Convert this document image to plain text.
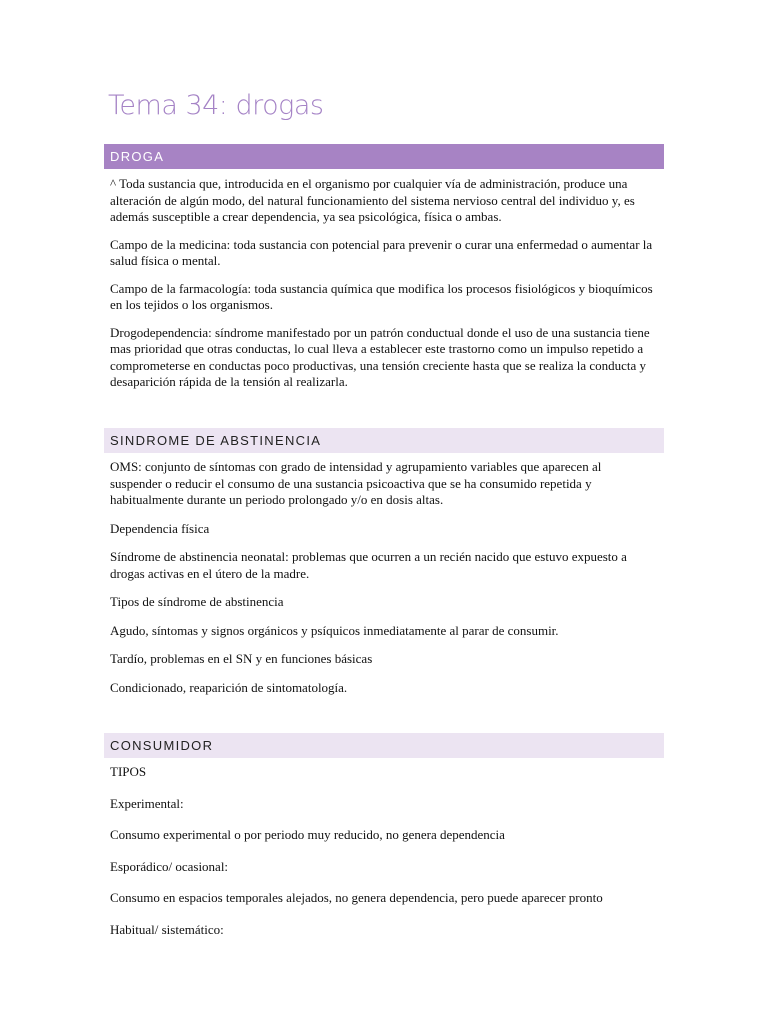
Tema 34: drogas
DROGA

^ Toda sustancia que, introducida en el organismo por cualquier vía de administración, produce una alteración de algún modo, del natural funcionamiento del sistema nervioso central del individuo y, es además susceptible a crear dependencia, ya sea psicológica, física o ambas.

Campo de la medicina: toda sustancia con potencial para prevenir o curar una enfermedad o aumentar la salud física o mental.

Campo de la farmacología: toda sustancia química que modifica los procesos fisiológicos y bioquímicos en los tejidos o los organismos.

Drogodependencia: síndrome manifestado por un patrón conductual donde el uso de una sustancia tiene mas prioridad que otras conductas, lo cual lleva a establecer este trastorno como un impulso repetido a comprometerse en conductas poco productivas, una tensión creciente hasta que se realiza la conducta y desaparición rápida de la tensión al realizarla.

SINDROME DE ABSTINENCIA

OMS: conjunto de síntomas con grado de intensidad y agrupamiento variables que aparecen al suspender o reducir el consumo de una sustancia psicoactiva que se ha consumido repetida y habitualmente durante un periodo prolongado y/o en dosis altas.

Dependencia física

Síndrome de abstinencia neonatal: problemas que ocurren a un recién nacido que estuvo expuesto a drogas activas en el útero de la madre.

Tipos de síndrome de abstinencia

Agudo, síntomas y signos orgánicos y psíquicos inmediatamente al parar de consumir.

Tardío, problemas en el SN y en funciones básicas

Condicionado, reaparición de sintomatología.

CONSUMIDOR

TIPOS

Experimental:

Consumo experimental o por periodo muy reducido, no genera dependencia

Esporádico/ ocasional:

Consumo en espacios temporales alejados, no genera dependencia, pero puede aparecer pronto

Habitual/ sistemático:
